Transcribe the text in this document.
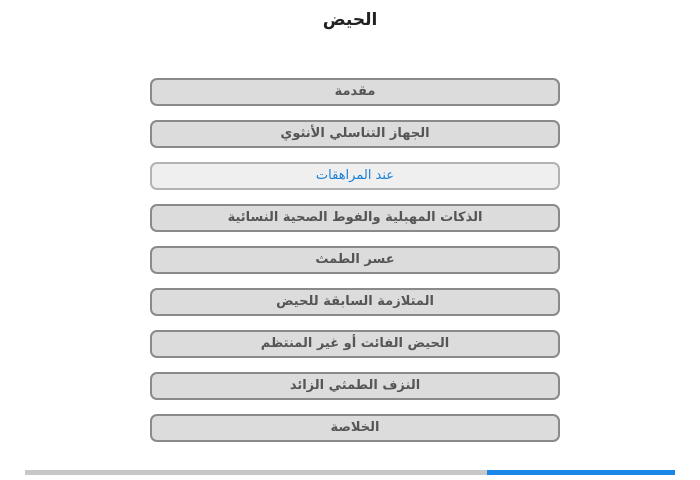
الحيض
مقدمة
الجهاز التناسلي الأنثوي
عند المراهقات
الذكات المهبلية والفوط الصحية النسائية
عسر الطمث
المتلازمة السابقة للحيض
الحيض الفائت أو غير المنتظم
النزف الطمثي الزائد
الخلاصة
